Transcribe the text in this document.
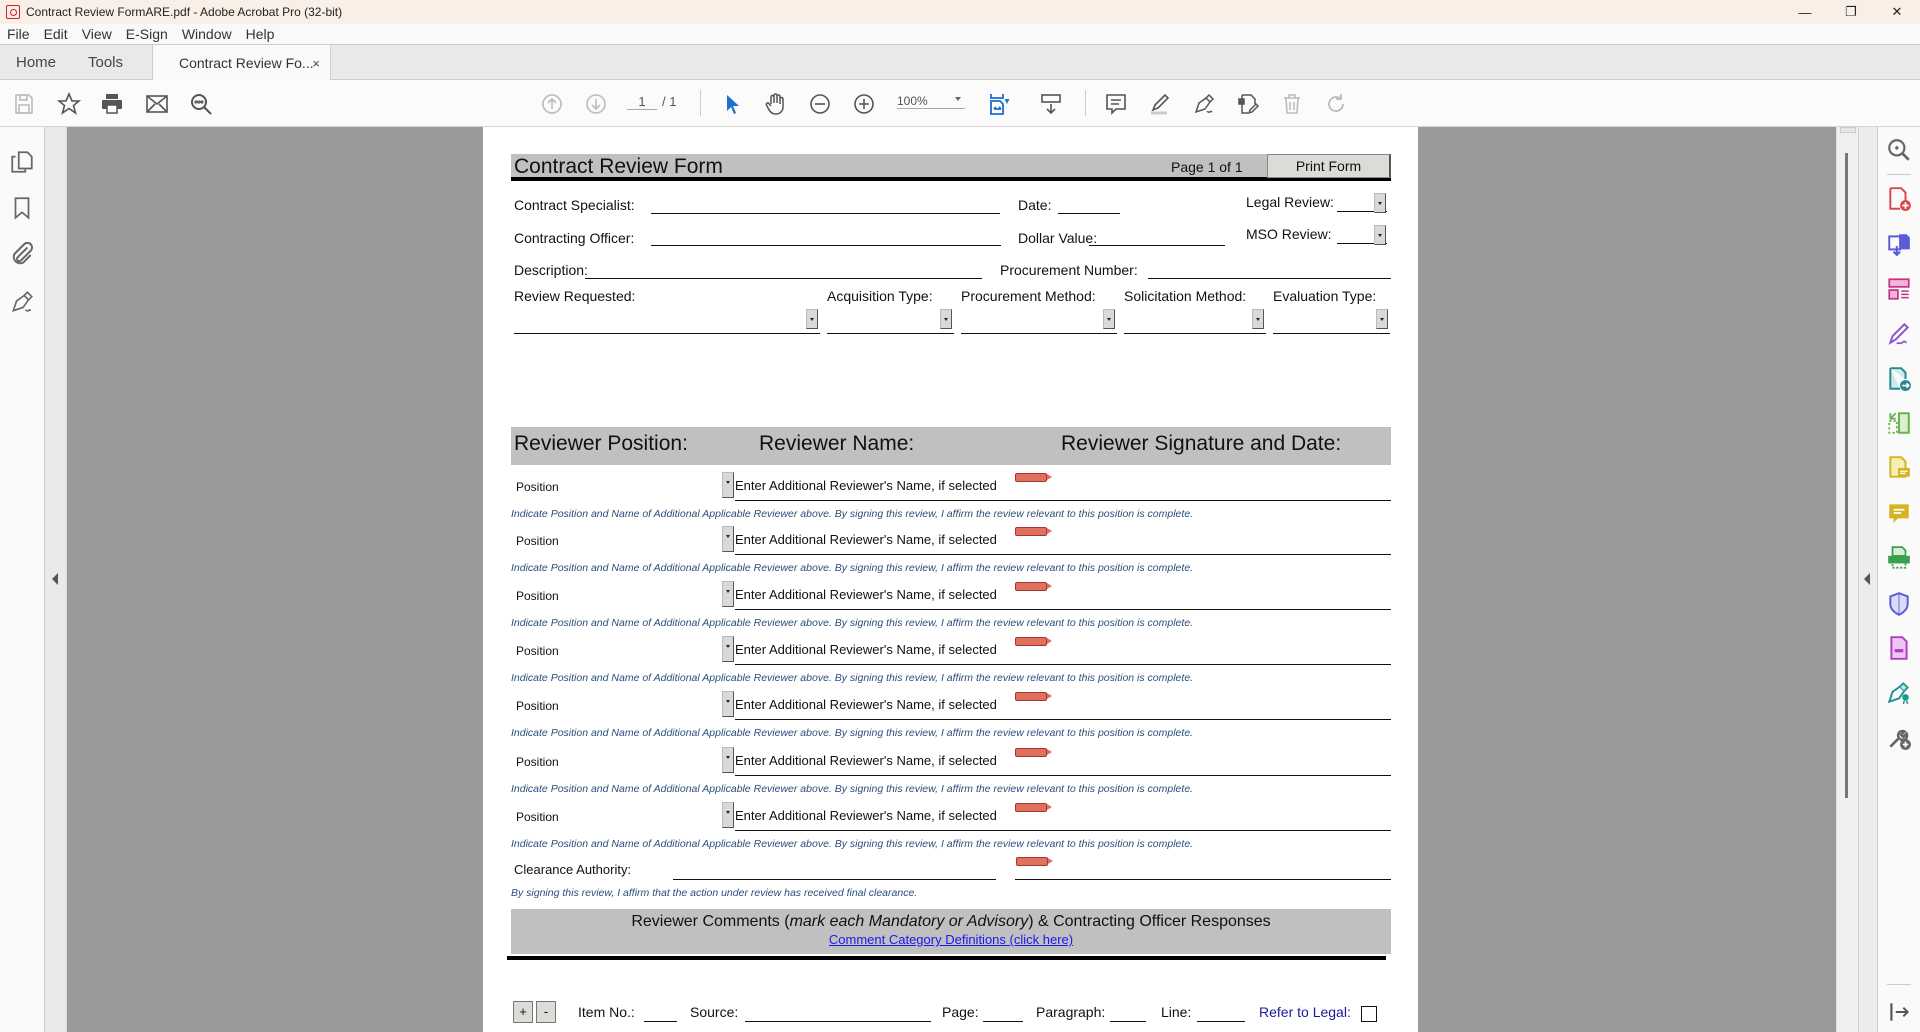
Contract Review FormARE.pdf - Adobe Acrobat Pro (32-bit)	—	❐	✕
File	Edit	View	E-Sign	Window	Help
Home Tools	Contract Review Fo...
×
1	/ 1	100%
Contract Review Form	Page 1 of 1	Print Form
Contract Specialist:	Date:	Legal Review:
Contracting Officer:	Dollar Value:	MSO Review:
Description:	Procurement Number:
Review Requested:	Acquisition Type: Procurement Method: Solicitation Method: Evaluation Type:
Reviewer Position:	Reviewer Name:	Reviewer Signature and Date:
Clearance Authority:
By signing this review, I affirm that the action under review has received final clearance.
Reviewer Comments (mark each Mandatory or Advisory) & Contracting Officer Responses
Comment Category Definitions (click here)
+	-	Item No.:	Source:	Page:	Paragraph:	Line:	Refer to Legal:
Position	Enter Additional Reviewer's Name, if selected
Indicate Position and Name of Additional Applicable Reviewer above. By signing this review, I affirm the review relevant to this position is complete.
Position	Enter Additional Reviewer's Name, if selected
Indicate Position and Name of Additional Applicable Reviewer above. By signing this review, I affirm the review relevant to this position is complete.
Position	Enter Additional Reviewer's Name, if selected
Indicate Position and Name of Additional Applicable Reviewer above. By signing this review, I affirm the review relevant to this position is complete.
Position	Enter Additional Reviewer's Name, if selected
Indicate Position and Name of Additional Applicable Reviewer above. By signing this review, I affirm the review relevant to this position is complete.
Position	Enter Additional Reviewer's Name, if selected
Indicate Position and Name of Additional Applicable Reviewer above. By signing this review, I affirm the review relevant to this position is complete.
Position	Enter Additional Reviewer's Name, if selected
Indicate Position and Name of Additional Applicable Reviewer above. By signing this review, I affirm the review relevant to this position is complete.
Position	Enter Additional Reviewer's Name, if selected
Indicate Position and Name of Additional Applicable Reviewer above. By signing this review, I affirm the review relevant to this position is complete.
